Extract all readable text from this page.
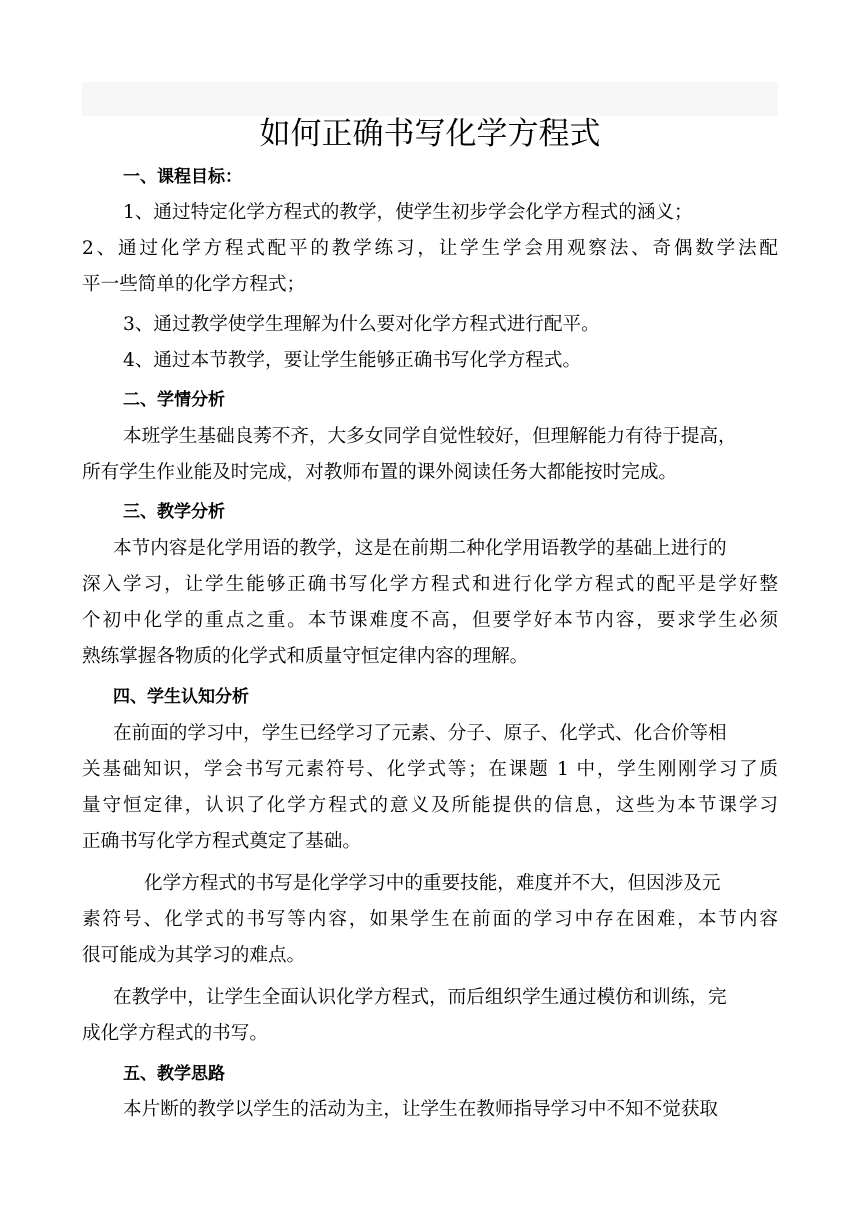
如何正确书写化学方程式
一、课程目标：
1、通过特定化学方程式的教学，使学生初步学会化学方程式的涵义；
2、通过化学方程式配平的教学练习，让学生学会用观察法、奇偶数学法配
平一些简单的化学方程式；
3、通过教学使学生理解为什么要对化学方程式进行配平。
4、通过本节教学，要让学生能够正确书写化学方程式。
二、学情分析
本班学生基础良莠不齐，大多女同学自觉性较好，但理解能力有待于提高，
所有学生作业能及时完成，对教师布置的课外阅读任务大都能按时完成。
三、教学分析
本节内容是化学用语的教学，这是在前期二种化学用语教学的基础上进行的
深入学习，让学生能够正确书写化学方程式和进行化学方程式的配平是学好整
个初中化学的重点之重。本节课难度不高，但要学好本节内容，要求学生必须
熟练掌握各物质的化学式和质量守恒定律内容的理解。
四、学生认知分析
在前面的学习中，学生已经学习了元素、分子、原子、化学式、化合价等相
关基础知识，学会书写元素符号、化学式等；在课题 1 中，学生刚刚学习了质
量守恒定律，认识了化学方程式的意义及所能提供的信息，这些为本节课学习
正确书写化学方程式奠定了基础。
化学方程式的书写是化学学习中的重要技能，难度并不大，但因涉及元
素符号、化学式的书写等内容，如果学生在前面的学习中存在困难，本节内容
很可能成为其学习的难点。
在教学中，让学生全面认识化学方程式，而后组织学生通过模仿和训练，完
成化学方程式的书写。
五、教学思路
本片断的教学以学生的活动为主，让学生在教师指导学习中不知不觉获取
